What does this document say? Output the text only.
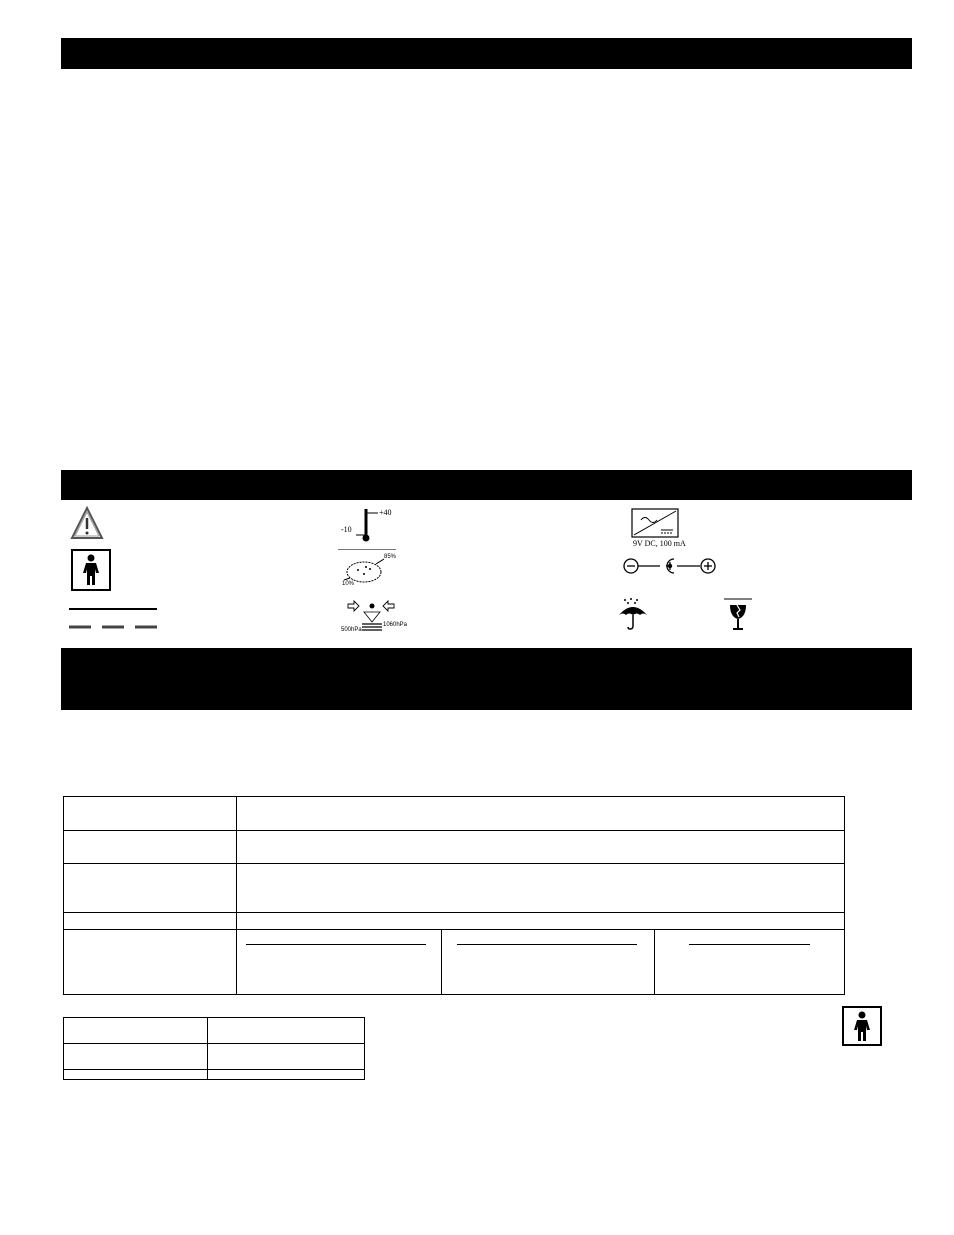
+40
-10
9V DC, 100 mA
85%
10%
1060hPa
500hPa
